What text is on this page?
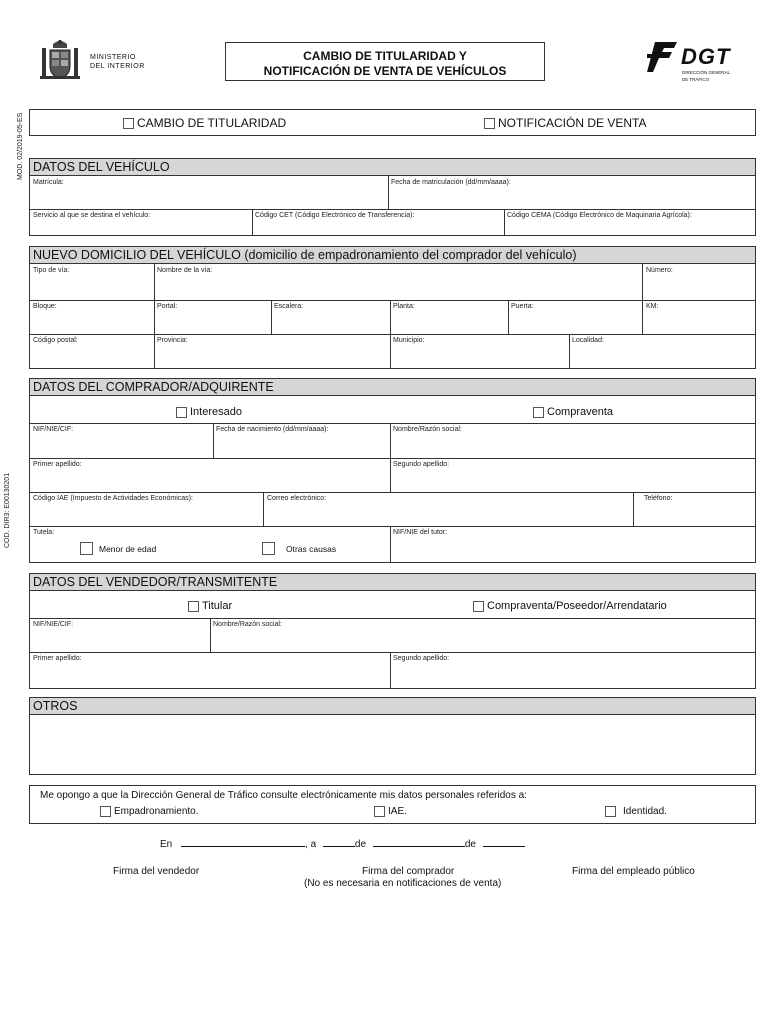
MINISTERIO
DEL INTERIOR
CAMBIO DE TITULARIDAD Y
NOTIFICACIÓN DE VENTA DE VEHÍCULOS
DGT
DIRECCIÓN GENERAL
DE TRÁFICO
MOD. 02/2019-05-ES
COD. DIR3: E00130201
CAMBIO DE TITULARIDAD	NOTIFICACIÓN DE VENTA
DATOS DEL VEHÍCULO
Matrícula:	Fecha de matriculación (dd/mm/aaaa):
Servicio al que se destina el vehículo:	Código CET (Código Electrónico de Transferencia):	Código CEMA (Código Electrónico de Maquinaria Agrícola):
NUEVO DOMICILIO DEL VEHÍCULO (domicilio de empadronamiento del comprador del vehículo)
Tipo de vía:	Nombre de la vía:	Número:
Bloque:	Portal:	Escalera:	Planta:	Puerta:	KM:
Código postal:	Provincia:	Municipio:	Localidad:
DATOS DEL COMPRADOR/ADQUIRENTE
Interesado	Compraventa
NIF/NIE/CIF:	Fecha de nacimiento (dd/mm/aaaa):	Nombre/Razón social:
Primer apellido:	Segundo apellido:
Código IAE (Impuesto de Actividades Económicas):	Correo electrónico:	Teléfono:
Tutela:
Menor de edad	Otras causas
NIF/NIE del tutor:
DATOS DEL VENDEDOR/TRANSMITENTE
Titular	Compraventa/Poseedor/Arrendatario
NIF/NIE/CIF:	Nombre/Razón social:
Primer apellido:	Segundo apellido:
OTROS
Me opongo a que la Dirección General de Tráfico consulte electrónicamente mis datos personales referidos a:
Empadronamiento.	IAE.	Identidad.
En	, a	de	de
Firma del vendedor	Firma del comprador
(No es necesaria en notificaciones de venta)
Firma del empleado público
